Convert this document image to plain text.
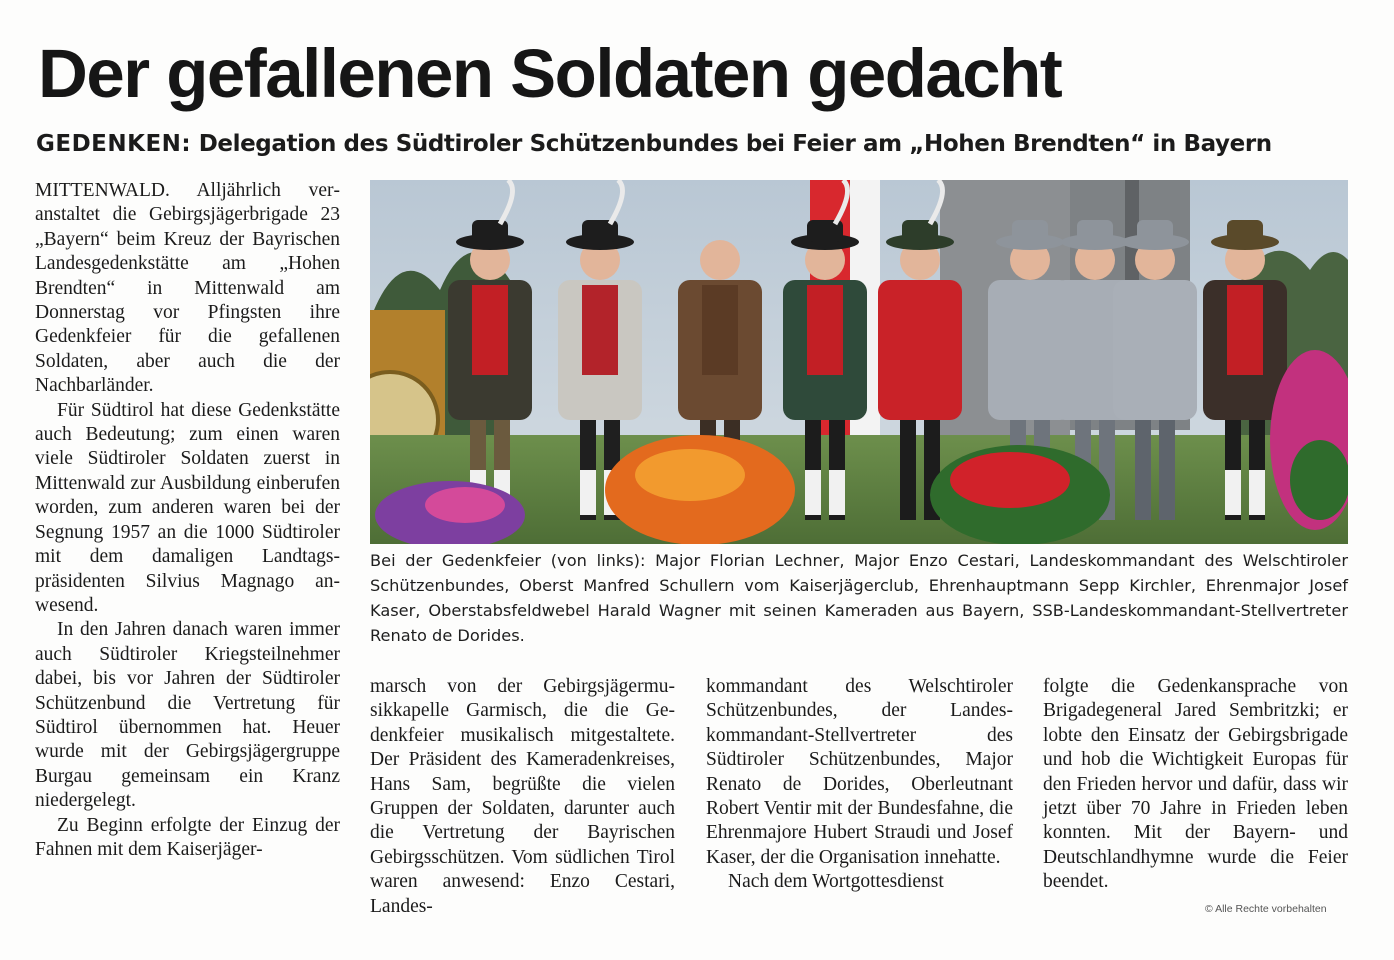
Der gefallenen Soldaten gedacht
GEDENKEN: Delegation des Südtiroler Schützenbundes bei Feier am „Hohen Brendten“ in Bayern

MITTENWALD. Alljährlich veranstaltet die Gebirgsjägerbrigade 23 „Bayern“ beim Kreuz der Bayrischen Landesgedenkstätte am „Hohen Brendten“ in Mittenwald am Donnerstag vor Pfingsten ihre Gedenkfeier für die gefallenen Soldaten, aber auch die der Nachbarländer.

Für Südtirol hat diese Gedenkstätte auch Bedeutung; zum einen waren viele Südtiroler Soldaten zuerst in Mittenwald zur Ausbildung einberufen worden, zum anderen waren bei der Segnung 1957 an die 1000 Südtiroler mit dem damaligen Landtagspräsidenten Silvius Magnago anwesend.

In den Jahren danach waren immer auch Südtiroler Kriegsteilnehmer dabei, bis vor Jahren der Südtiroler Schützenbund die Vertretung für Südtirol übernommen hat. Heuer wurde mit der Gebirgsjägergruppe Burgau gemeinsam ein Kranz niedergelegt.

Zu Beginn erfolgte der Einzug der Fahnen mit dem Kaiserjäger-

Bei der Gedenkfeier (von links): Major Florian Lechner, Major Enzo Cestari, Landeskommandant des Welschtiroler Schützenbundes, Oberst Manfred Schullern vom Kaiserjägerclub, Ehrenhauptmann Sepp Kirchler, Ehrenmajor Josef Kaser, Oberstabsfeldwebel Harald Wagner mit seinen Kameraden aus Bayern, SSB-Landeskommandant-Stellvertreter Renato de Dorides.

marsch von der Gebirgsjägermusikkapelle Garmisch, die die Gedenkfeier musikalisch mitgestaltete. Der Präsident des Kameradenkreises, Hans Sam, begrüßte die vielen Gruppen der Soldaten, darunter auch die Vertretung der Bayrischen Gebirgsschützen. Vom südlichen Tirol waren anwesend: Enzo Cestari, Landes-

kommandant des Welschtiroler Schützenbundes, der Landeskommandant-Stellvertreter des Südtiroler Schützenbundes, Major Renato de Dorides, Oberleutnant Robert Ventir mit der Bundesfahne, die Ehrenmajore Hubert Straudi und Josef Kaser, der die Organisation innehatte.

Nach dem Wortgottesdienst

folgte die Gedenkansprache von Brigadegeneral Jared Sembritzki; er lobte den Einsatz der Gebirgsbrigade und hob die Wichtigkeit Europas für den Frieden hervor und dafür, dass wir jetzt über 70 Jahre in Frieden leben konnten. Mit der Bayern- und Deutschlandhymne wurde die Feier beendet.

© Alle Rechte vorbehalten
